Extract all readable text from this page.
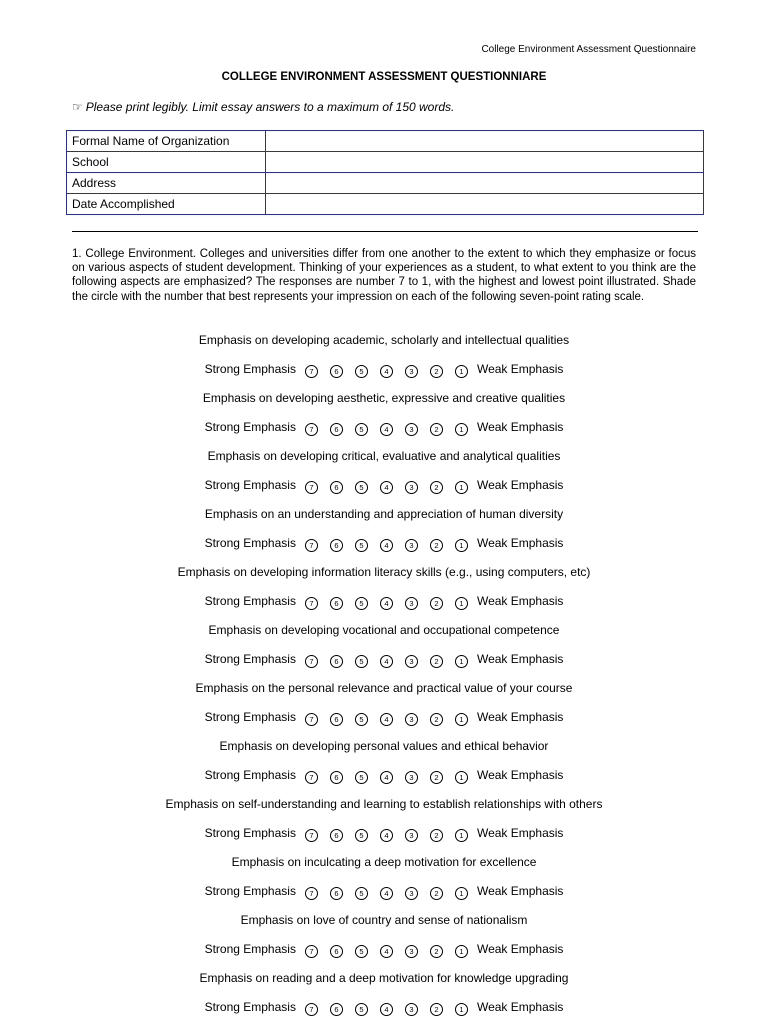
College Environment Assessment Questionnaire
COLLEGE ENVIRONMENT ASSESSMENT QUESTIONNIARE
☞ Please print legibly. Limit essay answers to a maximum of 150 words.
Formal Name of Organization	
School	
Address	
Date Accomplished	
1. College Environment. Colleges and universities differ from one another to the extent to which they emphasize or focus on various aspects of student development. Thinking of your experiences as a student, to what extent to you think are the following aspects are emphasized? The responses are number 7 to 1, with the highest and lowest point illustrated. Shade the circle with the number that best represents your impression on each of the following seven-point rating scale.
Emphasis on developing academic, scholarly and intellectual qualities
Strong Emphasis 7	6	5	4	3	2	1 Weak Emphasis
Emphasis on developing aesthetic, expressive and creative qualities
Strong Emphasis 7	6	5	4	3	2	1 Weak Emphasis
Emphasis on developing critical, evaluative and analytical qualities
Strong Emphasis 7	6	5	4	3	2	1 Weak Emphasis
Emphasis on an understanding and appreciation of human diversity
Strong Emphasis 7	6	5	4	3	2	1 Weak Emphasis
Emphasis on developing information literacy skills (e.g., using computers, etc)
Strong Emphasis 7	6	5	4	3	2	1 Weak Emphasis
Emphasis on developing vocational and occupational competence
Strong Emphasis 7	6	5	4	3	2	1 Weak Emphasis
Emphasis on the personal relevance and practical value of your course
Strong Emphasis 7	6	5	4	3	2	1 Weak Emphasis
Emphasis on developing personal values and ethical behavior
Strong Emphasis 7	6	5	4	3	2	1 Weak Emphasis
Emphasis on self-understanding and learning to establish relationships with others
Strong Emphasis 7	6	5	4	3	2	1 Weak Emphasis
Emphasis on inculcating a deep motivation for excellence
Strong Emphasis 7	6	5	4	3	2	1 Weak Emphasis
Emphasis on love of country and sense of nationalism
Strong Emphasis 7	6	5	4	3	2	1 Weak Emphasis
Emphasis on reading and a deep motivation for knowledge upgrading
Strong Emphasis 7	6	5	4	3	2	1 Weak Emphasis
